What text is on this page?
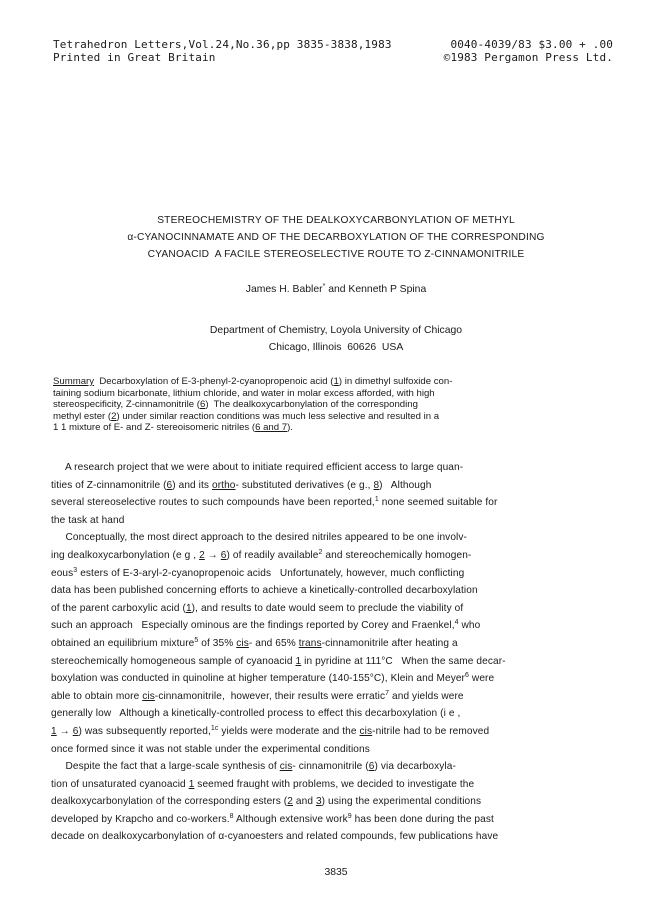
Tetrahedron Letters,Vol.24,No.36,pp 3835-3838,1983	0040-4039/83 $3.00 + .00
Printed in Great Britain	©1983 Pergamon Press Ltd.
STEREOCHEMISTRY OF THE DEALKOXYCARBONYLATION OF METHYL
α-CYANOCINNAMATE AND OF THE DECARBOXYLATION OF THE CORRESPONDING
CYANOACID  A FACILE STEREOSELECTIVE ROUTE TO Z-CINNAMONITRILE
James H. Babler* and Kenneth P Spina
Department of Chemistry, Loyola University of Chicago
Chicago, Illinois  60626  USA
Summary  Decarboxylation of E-3-phenyl-2-cyanopropenoic acid (1) in dimethyl sulfoxide con-
taining sodium bicarbonate, lithium chloride, and water in molar excess afforded, with high
stereospecificity, Z-cinnamonitrile (6)  The dealkoxycarbonylation of the corresponding
methyl ester (2) under similar reaction conditions was much less selective and resulted in a
1 1 mixture of E- and Z- stereoisomeric nitriles (6 and 7).
A research project that we were about to initiate required efficient access to large quan-
tities of Z-cinnamonitrile (6) and its ortho- substituted derivatives (e g., 8)   Although
several stereoselective routes to such compounds have been reported,$^1$ none seemed suitable for
the task at hand
Conceptually, the most direct approach to the desired nitriles appeared to be one involv-
ing dealkoxycarbonylation (e g , 2 → 6) of readily available$^2$ and stereochemically homogen-
eous$^3$ esters of E-3-aryl-2-cyanopropenoic acids   Unfortunately, however, much conflicting
data has been published concerning efforts to achieve a kinetically-controlled decarboxylation
of the parent carboxylic acid (1), and results to date would seem to preclude the viability of
such an approach   Especially ominous are the findings reported by Corey and Fraenkel,$^4$ who
obtained an equilibrium mixture$^5$ of 35% cis- and 65% trans-cinnamonitrile after heating a
stereochemically homogeneous sample of cyanoacid 1 in pyridine at 111°C   When the same decar-
boxylation was conducted in quinoline at higher temperature (140-155°C), Klein and Meyer$^6$ were
able to obtain more cis-cinnamonitrile,  however, their results were erratic$^7$ and yields were
generally low   Although a kinetically-controlled process to effect this decarboxylation (i e ,
1 → 6) was subsequently reported,$^{1c}$ yields were moderate and the cis-nitrile had to be removed
once formed since it was not stable under the experimental conditions
Despite the fact that a large-scale synthesis of cis- cinnamonitrile (6) via decarboxyla-
tion of unsaturated cyanoacid 1 seemed fraught with problems, we decided to investigate the
dealkoxycarbonylation of the corresponding esters (2 and 3) using the experimental conditions
developed by Krapcho and co-workers.$^8$ Although extensive work$^9$ has been done during the past
decade on dealkoxycarbonylation of α-cyanoesters and related compounds, few publications have
3835
